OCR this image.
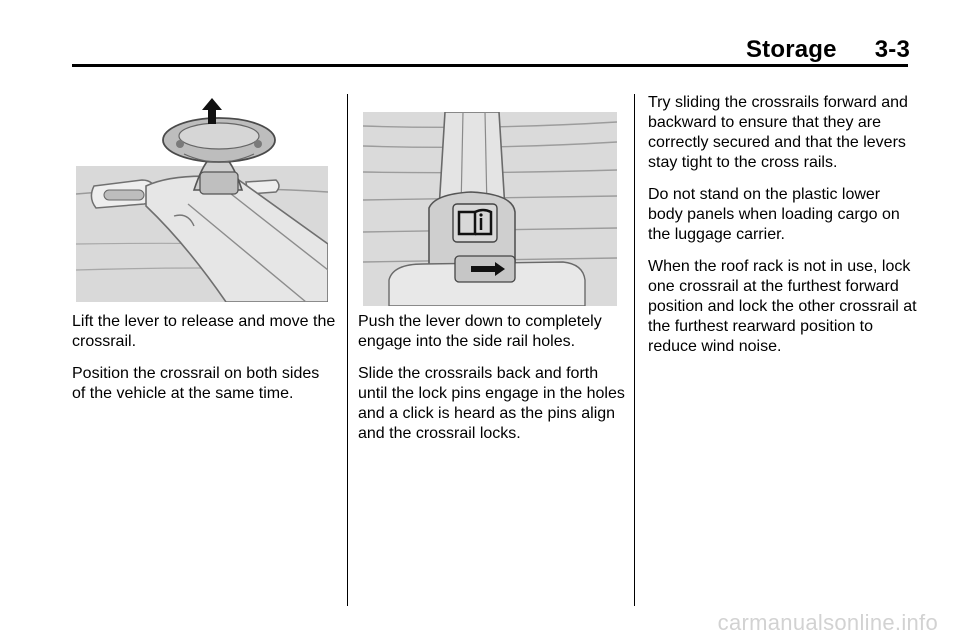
Storage 3-3

Lift the lever to release and move the crossrail.

Position the crossrail on both sides of the vehicle at the same time.

Push the lever down to completely engage into the side rail holes.

Slide the crossrails back and forth until the lock pins engage in the holes and a click is heard as the pins align and the crossrail locks.

Try sliding the crossrails forward and backward to ensure that they are correctly secured and that the levers stay tight to the cross rails.

Do not stand on the plastic lower body panels when loading cargo on the luggage carrier.

When the roof rack is not in use, lock one crossrail at the furthest forward position and lock the other crossrail at the furthest rearward position to reduce wind noise.

carmanualsonline.info
